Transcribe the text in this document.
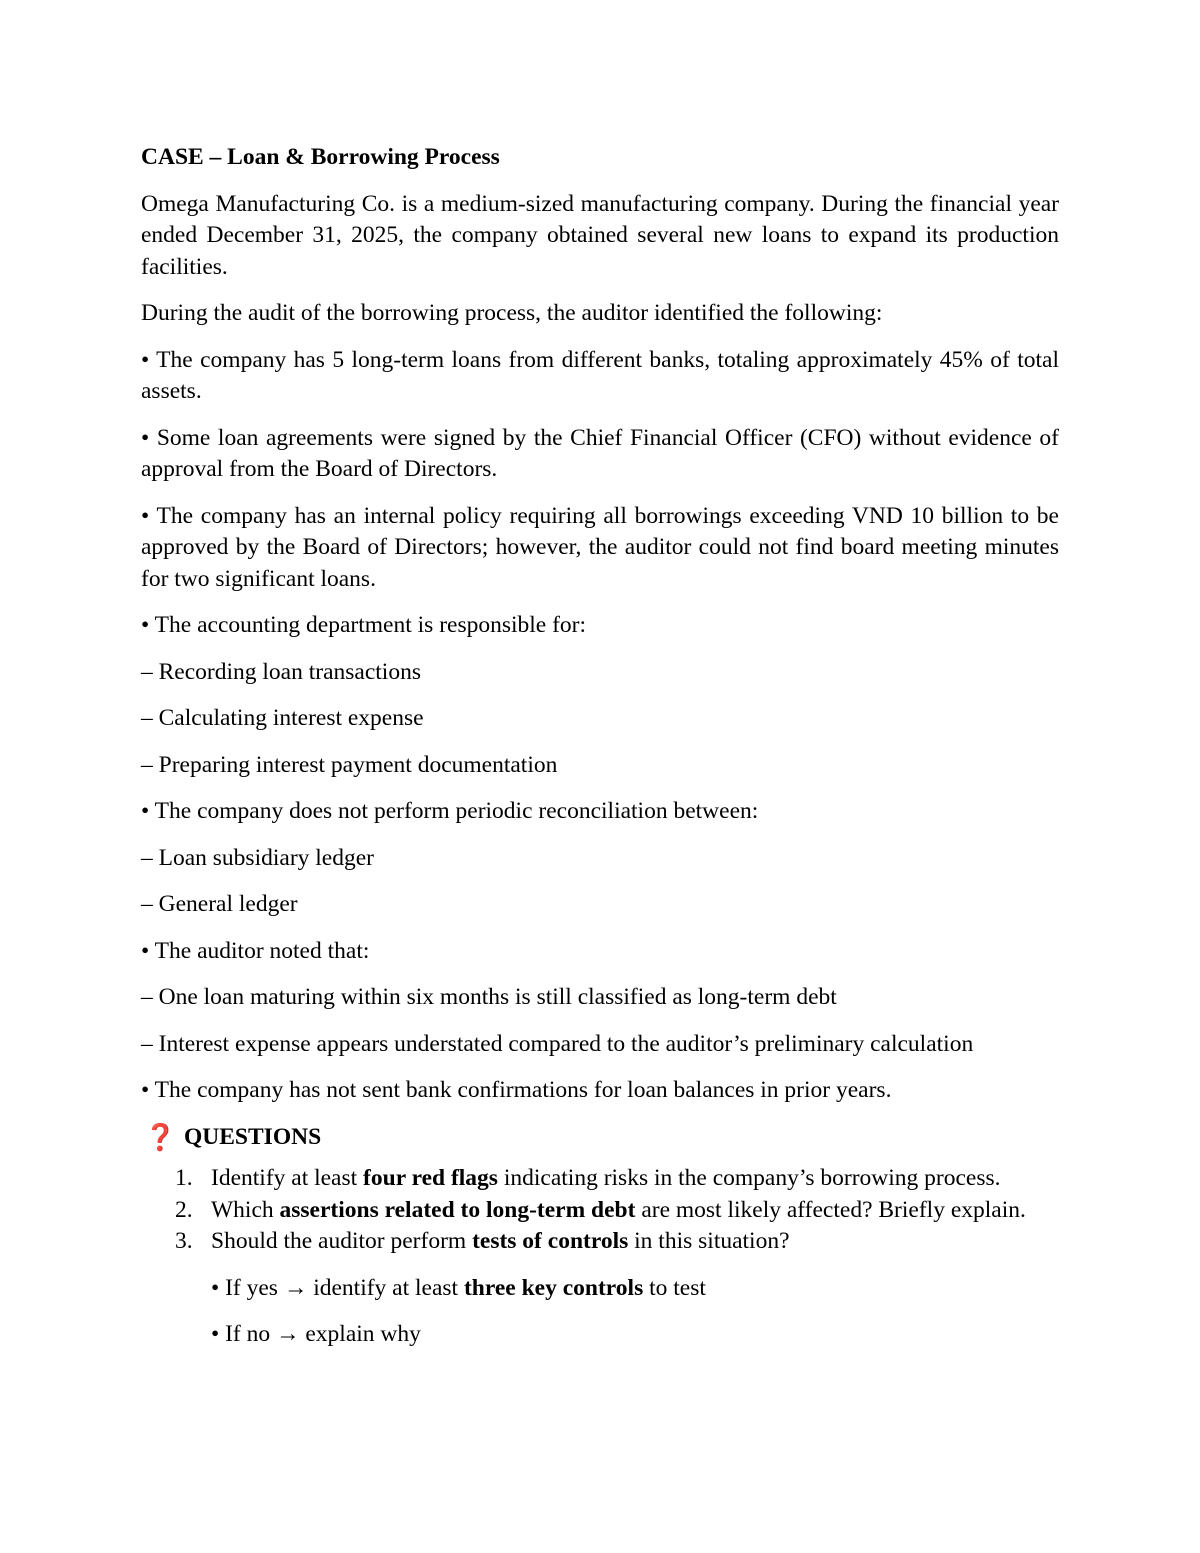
CASE – Loan & Borrowing Process
Omega Manufacturing Co. is a medium-sized manufacturing company. During the financial year ended December 31, 2025, the company obtained several new loans to expand its production facilities.
During the audit of the borrowing process, the auditor identified the following:
• The company has 5 long-term loans from different banks, totaling approximately 45% of total assets.
• Some loan agreements were signed by the Chief Financial Officer (CFO) without evidence of approval from the Board of Directors.
• The company has an internal policy requiring all borrowings exceeding VND 10 billion to be approved by the Board of Directors; however, the auditor could not find board meeting minutes for two significant loans.
• The accounting department is responsible for:
– Recording loan transactions
– Calculating interest expense
– Preparing interest payment documentation
• The company does not perform periodic reconciliation between:
– Loan subsidiary ledger
– General ledger
• The auditor noted that:
– One loan maturing within six months is still classified as long-term debt
– Interest expense appears understated compared to the auditor’s preliminary calculation
• The company has not sent bank confirmations for loan balances in prior years.
❓ QUESTIONS
1. Identify at least four red flags indicating risks in the company’s borrowing process.
2. Which assertions related to long-term debt are most likely affected? Briefly explain.
3. Should the auditor perform tests of controls in this situation?
• If yes → identify at least three key controls to test
• If no → explain why
